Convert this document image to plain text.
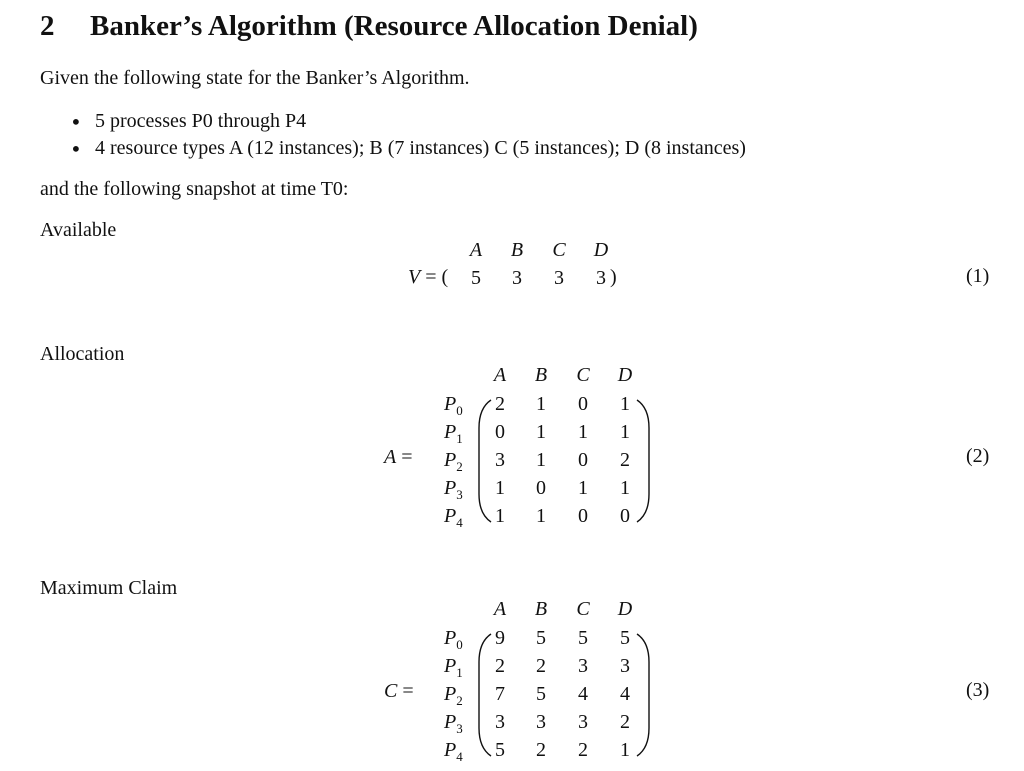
2 Banker’s Algorithm (Resource Allocation Denial)
Given the following state for the Banker’s Algorithm.
• 5 processes P0 through P4
• 4 resource types A (12 instances); B (7 instances) C (5 instances); D (8 instances)
and the following snapshot at time T0:
Available
V = (
A B C D
5	3	3	3 )	(1)
Allocation
A =
A B C D
$P_0$	2	1	0	1
$P_1$	0	1	1	1
$P_2$	3	1	0	2
$P_3$	1	0	1	1
$P_4$	1	1	0	0
(2)
Maximum Claim
C =
A B C D
$P_0$	9	5	5	5
$P_1$	2	2	3	3
$P_2$	7	5	4	4
$P_3$	3	3	3	2
$P_4$	5	2	2	1
(3)
